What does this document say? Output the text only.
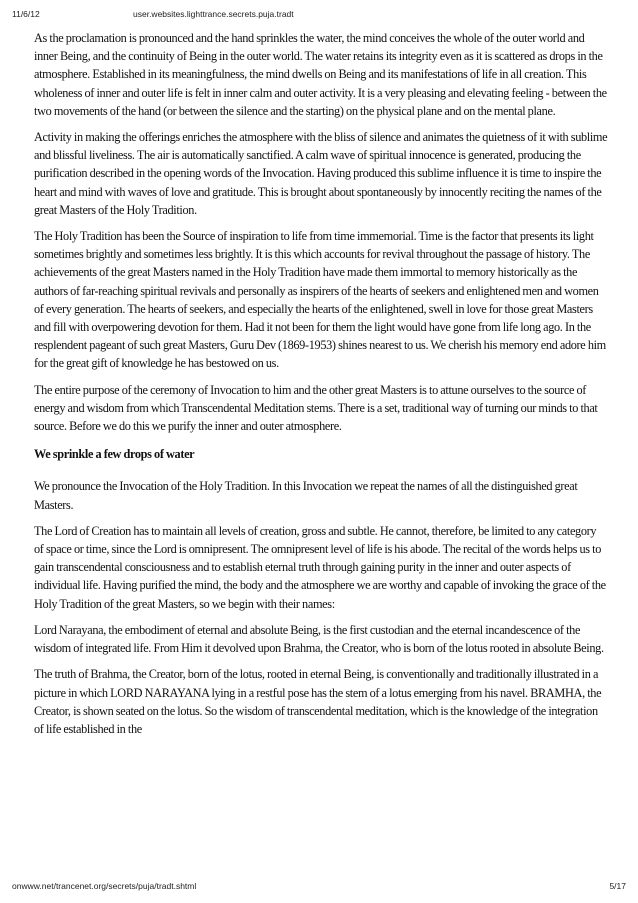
11/6/12	user.websites.lighttrance.secrets.puja.tradt

As the proclamation is pronounced and the hand sprinkles the water, the mind conceives the whole of the outer world and inner Being, and the continuity of Being in the outer world. The water retains its integrity even as it is scattered as drops in the atmosphere. Established in its meaningfulness, the mind dwells on Being and its manifestations of life in all creation. This wholeness of inner and outer life is felt in inner calm and outer activity. It is a very pleasing and elevating feeling - between the two movements of the hand (or between the silence and the starting) on the physical plane and on the mental plane.

Activity in making the offerings enriches the atmosphere with the bliss of silence and animates the quietness of it with sublime and blissful liveliness. The air is automatically sanctified. A calm wave of spiritual innocence is generated, producing the purification described in the opening words of the Invocation. Having produced this sublime influence it is time to inspire the heart and mind with waves of love and gratitude. This is brought about spontaneously by innocently reciting the names of the great Masters of the Holy Tradition.

The Holy Tradition has been the Source of inspiration to life from time immemorial. Time is the factor that presents its light sometimes brightly and sometimes less brightly. It is this which accounts for revival throughout the passage of history. The achievements of the great Masters named in the Holy Tradition have made them immortal to memory historically as the authors of far-reaching spiritual revivals and personally as inspirers of the hearts of seekers and enlightened men and women of every generation. The hearts of seekers, and especially the hearts of the enlightened, swell in love for those great Masters and fill with overpowering devotion for them. Had it not been for them the light would have gone from life long ago. In the resplendent pageant of such great Masters, Guru Dev (1869-1953) shines nearest to us. We cherish his memory end adore him for the great gift of knowledge he has bestowed on us.

The entire purpose of the ceremony of Invocation to him and the other great Masters is to attune ourselves to the source of energy and wisdom from which Transcendental Meditation stems. There is a set, traditional way of turning our minds to that source. Before we do this we purify the inner and outer atmosphere.

We sprinkle a few drops of water

We pronounce the Invocation of the Holy Tradition. In this Invocation we repeat the names of all the distinguished great Masters.

The Lord of Creation has to maintain all levels of creation, gross and subtle. He cannot, therefore, be limited to any category of space or time, since the Lord is omnipresent. The omnipresent level of life is his abode. The recital of the words helps us to gain transcendental consciousness and to establish eternal truth through gaining purity in the inner and outer aspects of individual life. Having purified the mind, the body and the atmosphere we are worthy and capable of invoking the grace of the Holy Tradition of the great Masters, so we begin with their names:

Lord Narayana, the embodiment of eternal and absolute Being, is the first custodian and the eternal incandescence of the wisdom of integrated life. From Him it devolved upon Brahma, the Creator, who is born of the lotus rooted in absolute Being.

The truth of Brahma, the Creator, born of the lotus, rooted in eternal Being, is conventionally and traditionally illustrated in a picture in which LORD NARAYANA lying in a restful pose has the stem of a lotus emerging from his navel. BRAMHA, the Creator, is shown seated on the lotus. So the wisdom of transcendental meditation, which is the knowledge of the integration of life established in the

onwww.net/trancenet.org/secrets/puja/tradt.shtml	5/17
